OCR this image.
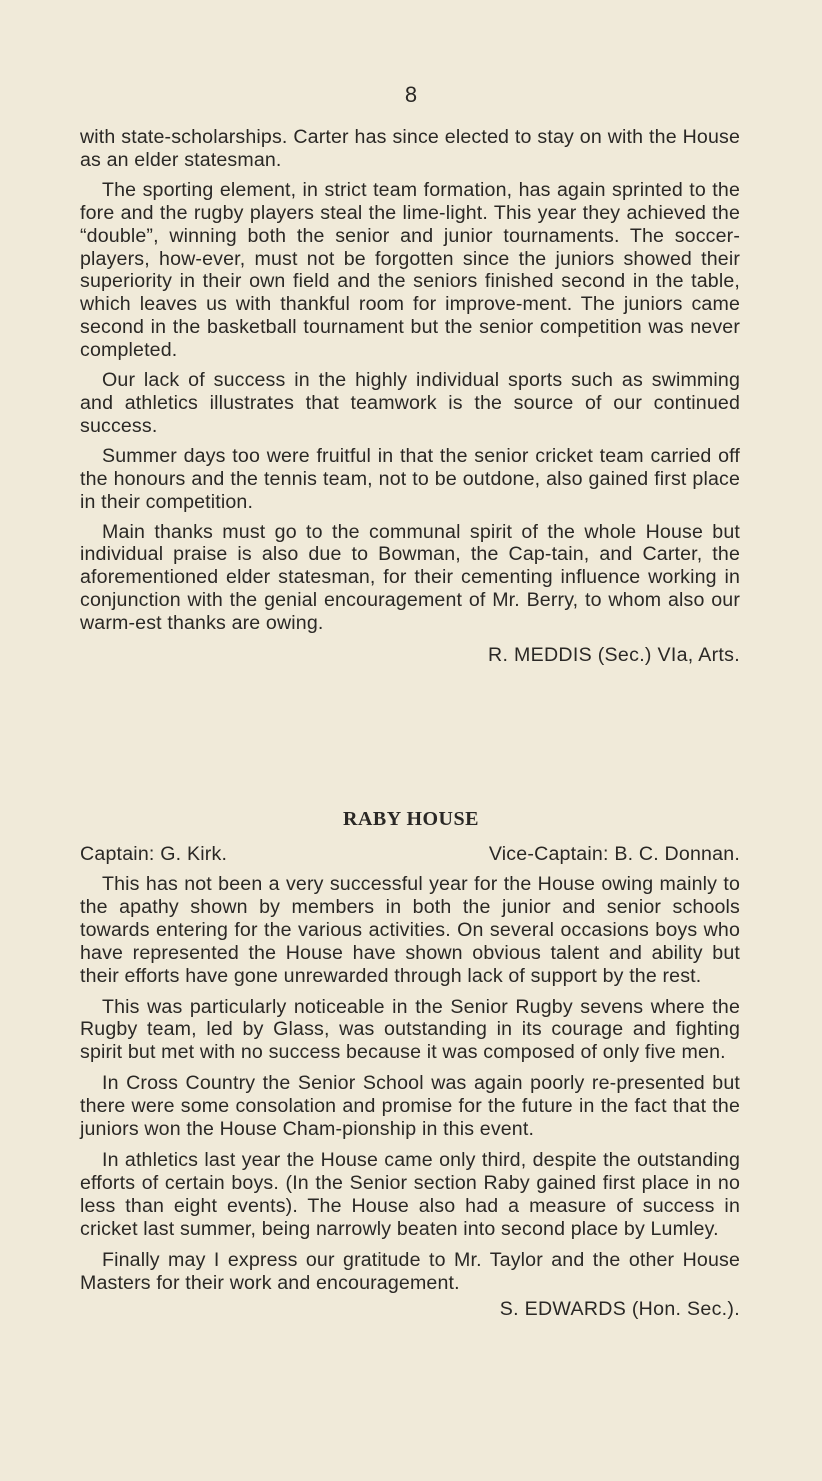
8

with state-scholarships. Carter has since elected to stay on with the House as an elder statesman.

The sporting element, in strict team formation, has again sprinted to the fore and the rugby players steal the lime-light. This year they achieved the “double”, winning both the senior and junior tournaments. The soccer-players, how-ever, must not be forgotten since the juniors showed their superiority in their own field and the seniors finished second in the table, which leaves us with thankful room for improve-ment. The juniors came second in the basketball tournament but the senior competition was never completed.

Our lack of success in the highly individual sports such as swimming and athletics illustrates that teamwork is the source of our continued success.

Summer days too were fruitful in that the senior cricket team carried off the honours and the tennis team, not to be outdone, also gained first place in their competition.

Main thanks must go to the communal spirit of the whole House but individual praise is also due to Bowman, the Cap-tain, and Carter, the aforementioned elder statesman, for their cementing influence working in conjunction with the genial encouragement of Mr. Berry, to whom also our warm-est thanks are owing.

R. MEDDIS (Sec.) VIa, Arts.

RABY HOUSE
Captain: G. Kirk.	Vice-Captain: B. C. Donnan.

This has not been a very successful year for the House owing mainly to the apathy shown by members in both the junior and senior schools towards entering for the various activities. On several occasions boys who have represented the House have shown obvious talent and ability but their efforts have gone unrewarded through lack of support by the rest.

This was particularly noticeable in the Senior Rugby sevens where the Rugby team, led by Glass, was outstanding in its courage and fighting spirit but met with no success because it was composed of only five men.

In Cross Country the Senior School was again poorly re-presented but there were some consolation and promise for the future in the fact that the juniors won the House Cham-pionship in this event.

In athletics last year the House came only third, despite the outstanding efforts of certain boys. (In the Senior section Raby gained first place in no less than eight events). The House also had a measure of success in cricket last summer, being narrowly beaten into second place by Lumley.

Finally may I express our gratitude to Mr. Taylor and the other House Masters for their work and encouragement.

S. EDWARDS (Hon. Sec.).
